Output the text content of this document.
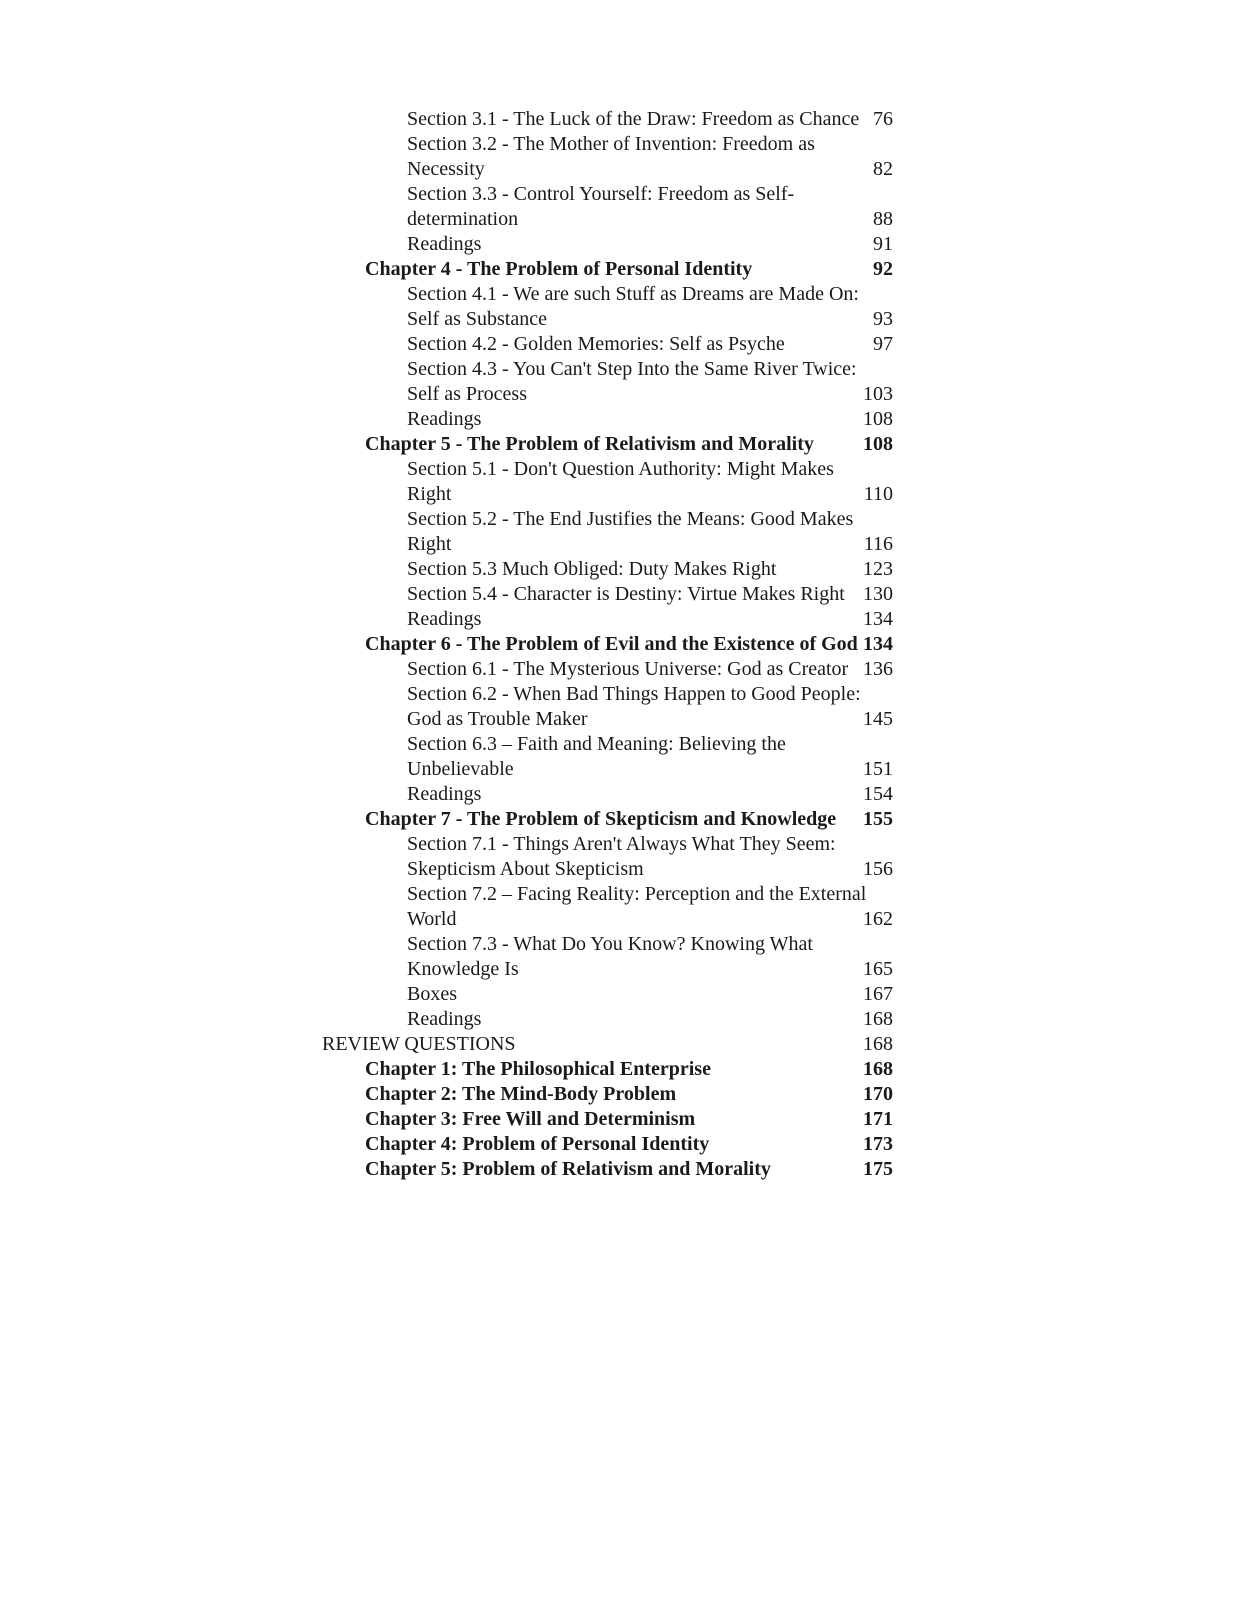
Section 3.1 - The Luck of the Draw: Freedom as Chance 76
Section 3.2 - The Mother of Invention: Freedom as
Necessity	82
Section 3.3 - Control Yourself: Freedom as Self-
determination	88
Readings	91
Chapter 4 - The Problem of Personal Identity	92
Section 4.1 - We are such Stuff as Dreams are Made On:
Self as Substance	93
Section 4.2 - Golden Memories: Self as Psyche	97
Section 4.3 - You Can't Step Into the Same River Twice:
Self as Process	103
Readings	108
Chapter 5 - The Problem of Relativism and Morality	108
Section 5.1 - Don't Question Authority: Might Makes
Right	110
Section 5.2 - The End Justifies the Means: Good Makes
Right	116
Section 5.3 Much Obliged: Duty Makes Right	123
Section 5.4 - Character is Destiny: Virtue Makes Right 130
Readings	134
Chapter 6 - The Problem of Evil and the Existence of God 134
Section 6.1 - The Mysterious Universe: God as Creator 136
Section 6.2 - When Bad Things Happen to Good People:
God as Trouble Maker	145
Section 6.3 – Faith and Meaning: Believing the
Unbelievable	151
Readings	154
Chapter 7 - The Problem of Skepticism and Knowledge	155
Section 7.1 - Things Aren't Always What They Seem:
Skepticism About Skepticism	156
Section 7.2 – Facing Reality: Perception and the External
World	162
Section 7.3 - What Do You Know? Knowing What
Knowledge Is	165
Boxes	167
Readings	168
REVIEW QUESTIONS	168
Chapter 1: The Philosophical Enterprise	168
Chapter 2: The Mind-Body Problem	170
Chapter 3: Free Will and Determinism	171
Chapter 4: Problem of Personal Identity	173
Chapter 5: Problem of Relativism and Morality	175
